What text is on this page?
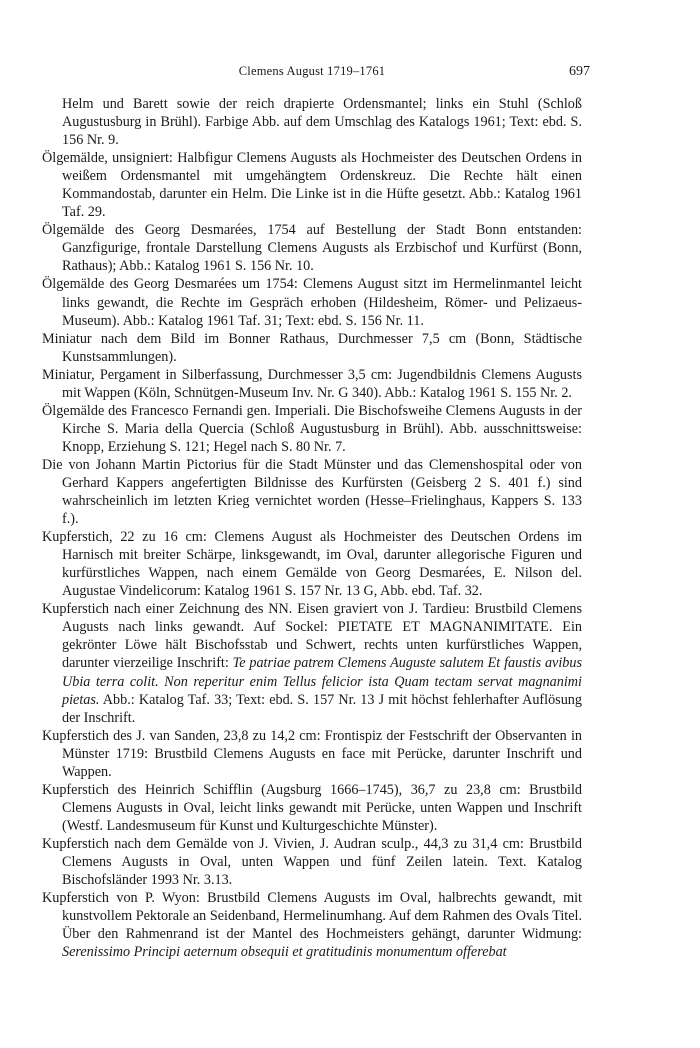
Clemens August 1719–1761	697

Helm und Barett sowie der reich drapierte Ordensmantel; links ein Stuhl (Schloß Augustusburg in Brühl). Farbige Abb. auf dem Umschlag des Katalogs 1961; Text: ebd. S. 156 Nr. 9.

Ölgemälde, unsigniert: Halbfigur Clemens Augusts als Hochmeister des Deutschen Ordens in weißem Ordensmantel mit umgehängtem Ordenskreuz. Die Rechte hält einen Kommandostab, darunter ein Helm. Die Linke ist in die Hüfte gesetzt. Abb.: Katalog 1961 Taf. 29.

Ölgemälde des Georg Desmarées, 1754 auf Bestellung der Stadt Bonn entstanden: Ganzfigurige, frontale Darstellung Clemens Augusts als Erzbischof und Kurfürst (Bonn, Rathaus); Abb.: Katalog 1961 S. 156 Nr. 10.

Ölgemälde des Georg Desmarées um 1754: Clemens August sitzt im Hermelinmantel leicht links gewandt, die Rechte im Gespräch erhoben (Hildesheim, Römer- und Pelizaeus-Museum). Abb.: Katalog 1961 Taf. 31; Text: ebd. S. 156 Nr. 11.

Miniatur nach dem Bild im Bonner Rathaus, Durchmesser 7,5 cm (Bonn, Städtische Kunstsammlungen).

Miniatur, Pergament in Silberfassung, Durchmesser 3,5 cm: Jugendbildnis Clemens Augusts mit Wappen (Köln, Schnütgen-Museum Inv. Nr. G 340). Abb.: Katalog 1961 S. 155 Nr. 2.

Ölgemälde des Francesco Fernandi gen. Imperiali. Die Bischofsweihe Clemens Augusts in der Kirche S. Maria della Quercia (Schloß Augustusburg in Brühl). Abb. ausschnittsweise: Knopp, Erziehung S. 121; Hegel nach S. 80 Nr. 7.

Die von Johann Martin Pictorius für die Stadt Münster und das Clemenshospital oder von Gerhard Kappers angefertigten Bildnisse des Kurfürsten (Geisberg 2 S. 401 f.) sind wahrscheinlich im letzten Krieg vernichtet worden (Hesse–Frielinghaus, Kappers S. 133 f.).

Kupferstich, 22 zu 16 cm: Clemens August als Hochmeister des Deutschen Ordens im Harnisch mit breiter Schärpe, linksgewandt, im Oval, darunter allegorische Figuren und kurfürstliches Wappen, nach einem Gemälde von Georg Desmarées, E. Nilson del. Augustae Vindelicorum: Katalog 1961 S. 157 Nr. 13 G, Abb. ebd. Taf. 32.

Kupferstich nach einer Zeichnung des NN. Eisen graviert von J. Tardieu: Brustbild Clemens Augusts nach links gewandt. Auf Sockel: PIETATE ET MAGNANIMITATE. Ein gekrönter Löwe hält Bischofsstab und Schwert, rechts unten kurfürstliches Wappen, darunter vierzeilige Inschrift: Te patriae patrem Clemens Auguste salutem Et faustis avibus Ubia terra colit. Non reperitur enim Tellus felicior ista Quam tectam servat magnanimi pietas. Abb.: Katalog Taf. 33; Text: ebd. S. 157 Nr. 13 J mit höchst fehlerhafter Auflösung der Inschrift.

Kupferstich des J. van Sanden, 23,8 zu 14,2 cm: Frontispiz der Festschrift der Observanten in Münster 1719: Brustbild Clemens Augusts en face mit Perücke, darunter Inschrift und Wappen.

Kupferstich des Heinrich Schifflin (Augsburg 1666–1745), 36,7 zu 23,8 cm: Brustbild Clemens Augusts in Oval, leicht links gewandt mit Perücke, unten Wappen und Inschrift (Westf. Landesmuseum für Kunst und Kulturgeschichte Münster).

Kupferstich nach dem Gemälde von J. Vivien, J. Audran sculp., 44,3 zu 31,4 cm: Brustbild Clemens Augusts in Oval, unten Wappen und fünf Zeilen latein. Text. Katalog Bischofsländer 1993 Nr. 3.13.

Kupferstich von P. Wyon: Brustbild Clemens Augusts im Oval, halbrechts gewandt, mit kunstvollem Pektorale an Seidenband, Hermelinumhang. Auf dem Rahmen des Ovals Titel. Über den Rahmenrand ist der Mantel des Hochmeisters gehängt, darunter Widmung: Serenissimo Principi aeternum obsequii et gratitudinis monumentum offerebat
